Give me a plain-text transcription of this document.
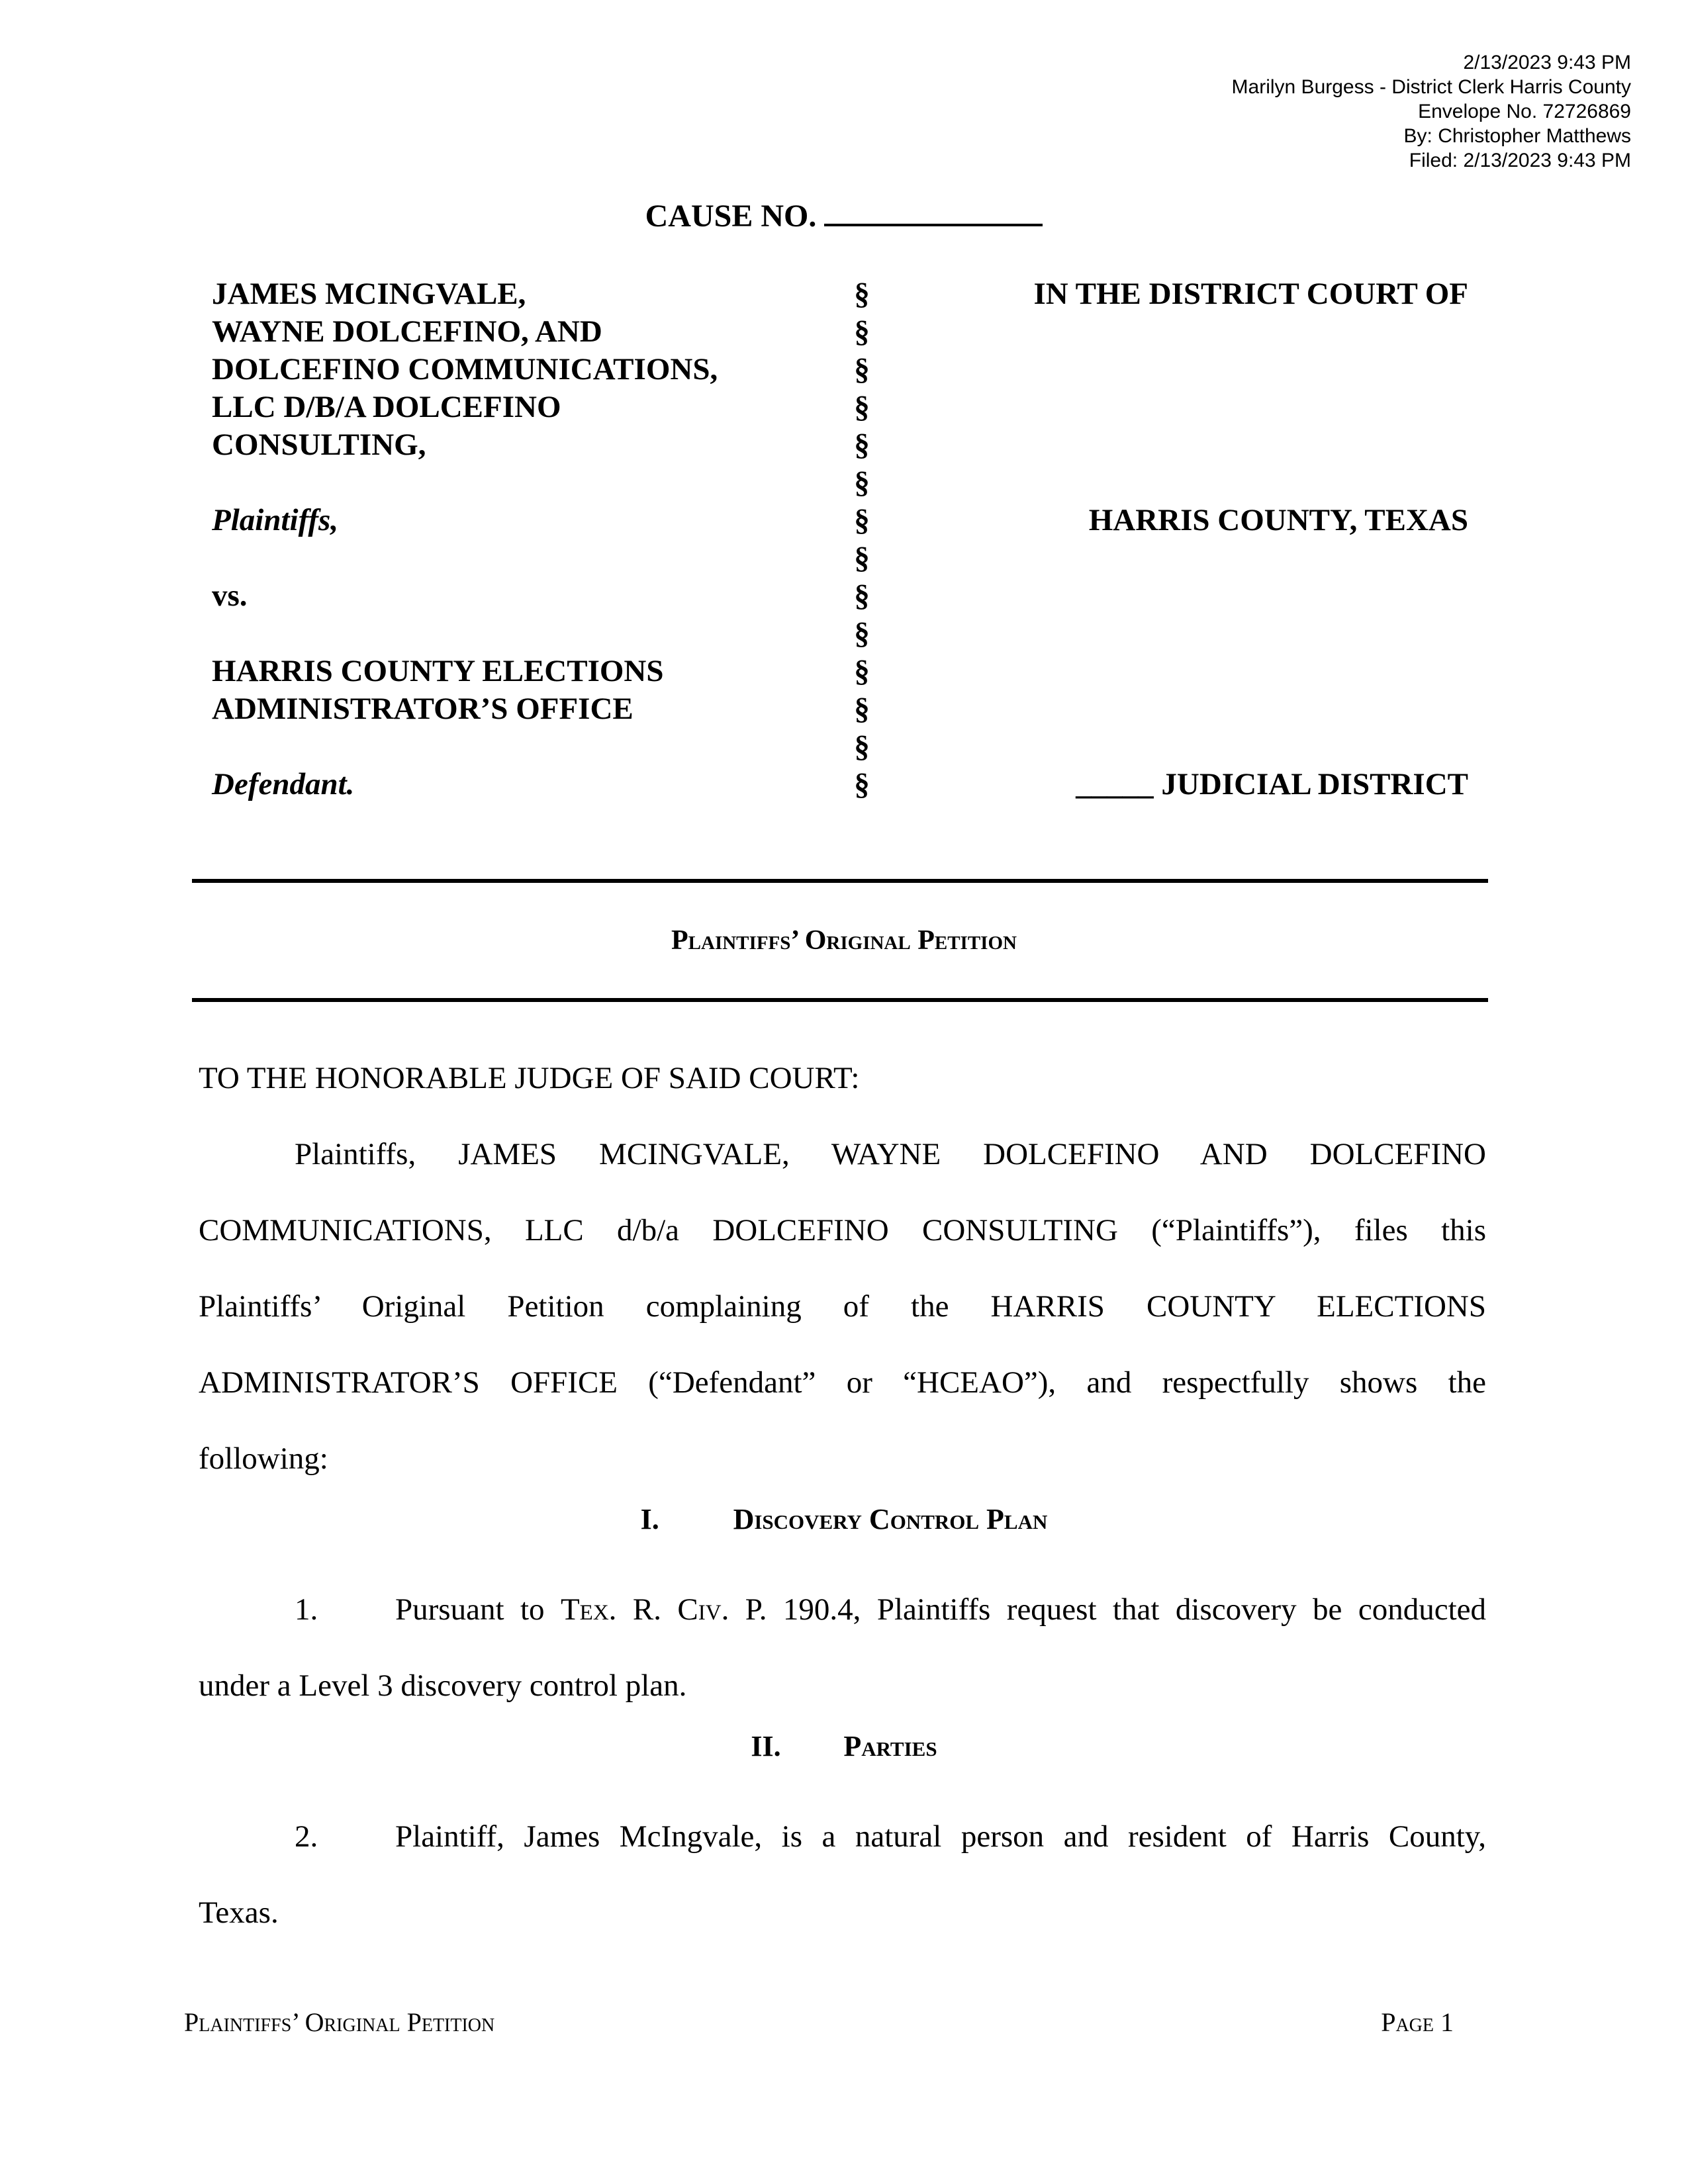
2/13/2023 9:43 PM
Marilyn Burgess - District Clerk Harris County
Envelope No. 72726869
By: Christopher Matthews
Filed: 2/13/2023 9:43 PM
CAUSE NO.
JAMES MCINGVALE,
WAYNE DOLCEFINO, AND
DOLCEFINO COMMUNICATIONS,
LLC D/B/A DOLCEFINO
CONSULTING,
Plaintiffs,
vs.
HARRIS COUNTY ELECTIONS
ADMINISTRATOR’S OFFICE
Defendant.
§
§
§
§
§
§
§
§
§
§
§
§
§
§
IN THE DISTRICT COURT OF
HARRIS COUNTY, TEXAS
_____ JUDICIAL DISTRICT
Plaintiffs’ Original Petition
TO THE HONORABLE JUDGE OF SAID COURT:
Plaintiffs, JAMES MCINGVALE, WAYNE DOLCEFINO AND DOLCEFINO
COMMUNICATIONS, LLC d/b/a DOLCEFINO CONSULTING (“Plaintiffs”), files this
Plaintiffs’ Original Petition complaining of the HARRIS COUNTY ELECTIONS
ADMINISTRATOR’S OFFICE (“Defendant” or “HCEAO”), and respectfully shows the
following:
I.	Discovery Control Plan
1. Pursuant to Tex. R. Civ. P. 190.4, Plaintiffs request that discovery be conducted
under a Level 3 discovery control plan.
II. Parties
2. Plaintiff, James McIngvale, is a natural person and resident of Harris County,
Texas.
Plaintiffs’ Original Petition	Page 1
